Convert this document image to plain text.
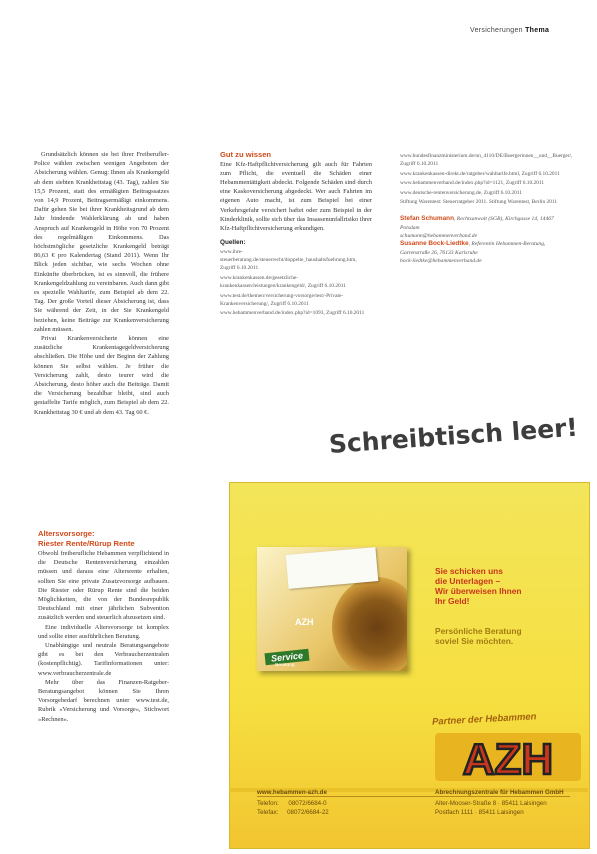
Versicherungen Thema

Grundsätzlich können sie bei ihrer Freiberufler-Police wählen zwischen wenigen Angeboten der Absicherung wählen. Genug: Ihnen als Krankengeld ab dem siebten Krankheitstag (43. Tag), zahlen Sie 15,5 Prozent, statt des ermäßigten Beitragssatzes von 14,9 Prozent, Beitragsermäßigt einkommens. Dafür gehen Sie bei ihrer Krankheitsgrund ab dem Jahr bindende Wahlerklärung ab und haben Anspruch auf Krankengeld in Höhe von 70 Prozent des regelmäßigen Einkommens. Das höchstmögliche gesetzliche Krankengeld beträgt 86,63 € pro Kalendertag (Stand 2011). Wenn Ihr Blick jeden sichtbar, wie sechs Wochen ohne Einkünfte überbrücken, ist es sinnvoll, die frühere Krankengeldzahlung zu vereinbaren. Auch dann gibt es spezielle Wahltarife, zum Beispiel ab dem 22. Tag. Der große Vorteil dieser Absicherung ist, dass Sie während der Zeit, in der Sie Krankengeld beziehen, keine Beiträge zur Krankenversicherung zahlen müssen.

Privat Krankenversicherte können eine zusätzliche Krankentagegeldversicherung abschließen. Die Höhe und der Beginn der Zahlung können Sie selbst wählen. Je früher die Versicherung zahlt, desto teurer wird die Absicherung, desto höher auch die Beiträge. Damit die Versicherung bezahlbar bleibt, sind auch gestaffelte Tarife möglich, zum Beispiel ab dem 22. Krankheitstag 30 € und ab dem 43. Tag 60 €.

Altersvorsorge:
Riester Rente/Rürup Rente

Obwohl freiberufliche Hebammen verpflichtend in die Deutsche Rentenversicherung einzahlen müssen und daraus eine Altersrente erhalten, sollten Sie eine private Zusatzvorsorge aufbauen. Die Riester oder Rürup Rente sind die beiden Möglichkeiten, die von der Bundesrepublik Deutschland mit einer jährlichen Subvention zusätzlich werden und steuerlich abzusetzen sind.

Eine individuelle Altersvorsorge ist komplex und sollte einer ausführlichen Beratung.

Unabhängige und neutrale Beratungsangebote gibt es bei den Verbraucherzentralen (kostenpflichtig). Tarifinformationen unter: www.verbraucherzentrale.de

Mehr über das Finanzen-Ratgeber-Beratungsangebot können Sie Ihren Vorsorgebedarf berechnen unter www.test.de, Rubrik »Versicherung und Vorsorge«, Stichwort »Rechnen«.

Gut zu wissen
Eine Kfz-Haftpflichtversicherung gilt auch für Fahrten zum Pflicht, die eventuell die Schäden einer Hebammentätigkeit abdeckt. Folgende Schäden sind durch eine Kaskoversicherung abgedeckt. Wer auch Fahrten im eigenen Auto macht, ist zum Beispiel bei einer Verkehrsgefahr versichert haftet oder zum Beispiel in der Kinderklinik, sollte sich über das Insassenunfallrisiko ihrer Kfz-Haftpflichtversicherung erkundigen.
Quellen:
www.ihre-steuerberatung.de/steuerrecht/doppelte_haushaltsfuehrung.htm, Zugriff 6.10.2011
www.krankenkassen.de/gesetzliche-krankenkassen/leistungen/krankengeld/, Zugriff 6.10.2011
www.test.de/themen/versicherung-vorsorge/test/-Private-Krankenversicherung/, Zugriff 6.10.2011
www.hebammenverband.de/index.php?id=1093, Zugriff 6.10.2011
www.bundesfinanzministerium.de/nn_4110/DE/Buergerinnen__und__Buerger/, Zugriff 6.10.2011
www.krankenkassen-direkt.de/ratgeber/wahltarife.html, Zugriff 6.10.2011
www.hebammenverband.de/index.php?id=1121, Zugriff 6.10.2011
www.deutsche-rentenversicherung.de, Zugriff 6.10.2011
Stiftung Warentest: Steuerratgeber 2011. Stiftung Warentest, Berlin 2011
Stefan Schumann, Rechtsanwalt (SGB), Kirchgasse 14, 14467 Potsdam
schumann@hebammenverband.de
Susanne Bock-Liedtke, Referentin Hebammen-Beratung, Gartenstraße 26, 76133 Karlsruhe
bock-liedtke@hebammenverband.de
Schreibtisch leer!
AZH
Service
Beratung
Sie schicken uns
die Unterlagen –
Wir überweisen Ihnen
Ihr Geld!
Persönliche Beratung
soviel Sie möchten.
Partner der Hebammen
AZH
www.hebammen-azh.de	Abrechnungszentrale für Hebammen GmbH
Telefon: 08072/6684-0
Telefax: 08072/6684-22
Alter-Mooser-Straße 8 · 85411 Laisingen
Postfach 1111 · 85411 Laisingen
